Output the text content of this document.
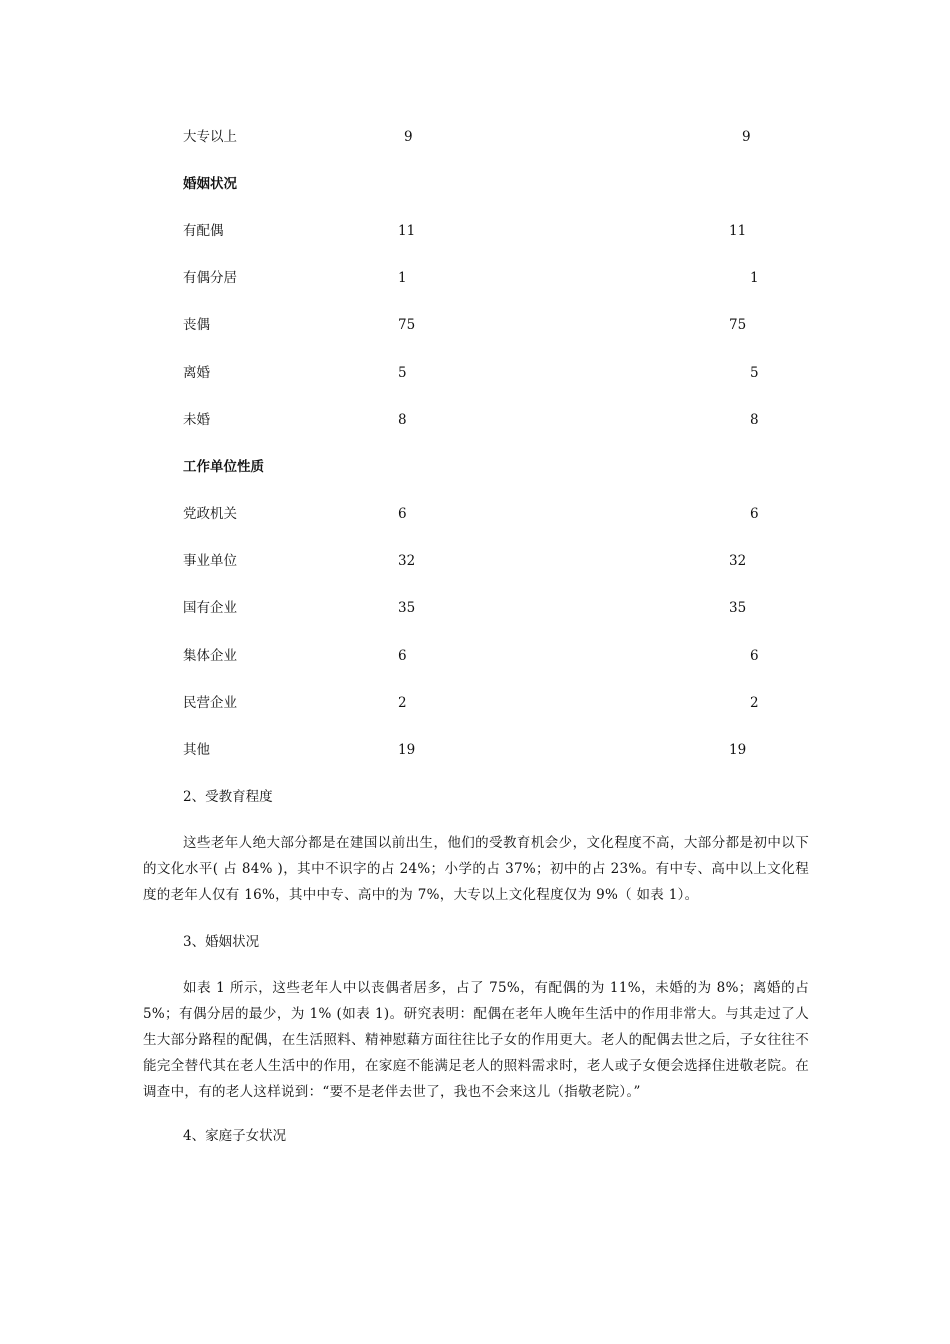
大专以上	9	9
婚姻状况
有配偶	11	11
有偶分居	1	1
丧偶	75	75
离婚	5	5
未婚	8	8
工作单位性质
党政机关	6	6
事业单位	32	32
国有企业	35	35
集体企业	6	6
民营企业	2	2
其他	19	19
2、受教育程度
这些老年人绝大部分都是在建国以前出生，他们的受教育机会少，文化程度不高，大部分都是初中以下的文化水平( 占 84% )，其中不识字的占 24%；小学的占 37%；初中的占 23%。有中专、高中以上文化程度的老年人仅有 16%，其中中专、高中的为 7%，大专以上文化程度仅为 9%（ 如表 1）。
3、婚姻状况
如表 1 所示，这些老年人中以丧偶者居多，占了 75%，有配偶的为 11%，未婚的为 8%；离婚的占 5%；有偶分居的最少，为 1% (如表 1)。研究表明：配偶在老年人晚年生活中的作用非常大。与其走过了人生大部分路程的配偶，在生活照料、精神慰藉方面往往比子女的作用更大。老人的配偶去世之后，子女往往不能完全替代其在老人生活中的作用，在家庭不能满足老人的照料需求时，老人或子女便会选择住进敬老院。在调查中，有的老人这样说到：“要不是老伴去世了，我也不会来这儿（指敬老院）。”
4、家庭子女状况
